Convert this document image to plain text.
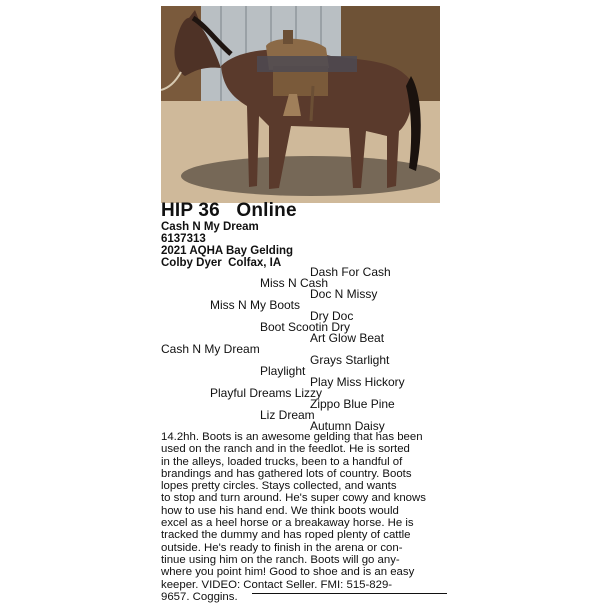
HIP 36 Online
Cash N My Dream
6137313
2021 AQHA Bay Gelding
Colby Dyer Colfax, IA
Dash For Cash
Miss N Cash
Doc N Missy
Miss N My Boots
Dry Doc
Boot Scootin Dry
Art Glow Beat
Cash N My Dream
Grays Starlight
Playlight
Play Miss Hickory
Playful Dreams Lizzy
Zippo Blue Pine
Liz Dream
Autumn Daisy
14.2hh. Boots is an awesome gelding that has been
used on the ranch and in the feedlot. He is sorted
in the alleys, loaded trucks, been to a handful of
brandings and has gathered lots of country. Boots
lopes pretty circles. Stays collected, and wants
to stop and turn around. He's super cowy and knows
how to use his hand end. We think boots would
excel as a heel horse or a breakaway horse. He is
tracked the dummy and has roped plenty of cattle
outside. He's ready to finish in the arena or con-
tinue using him on the ranch. Boots will go any-
where you point him! Good to shoe and is an easy
keeper. VIDEO: Contact Seller. FMI: 515-829-
9657. Coggins.
